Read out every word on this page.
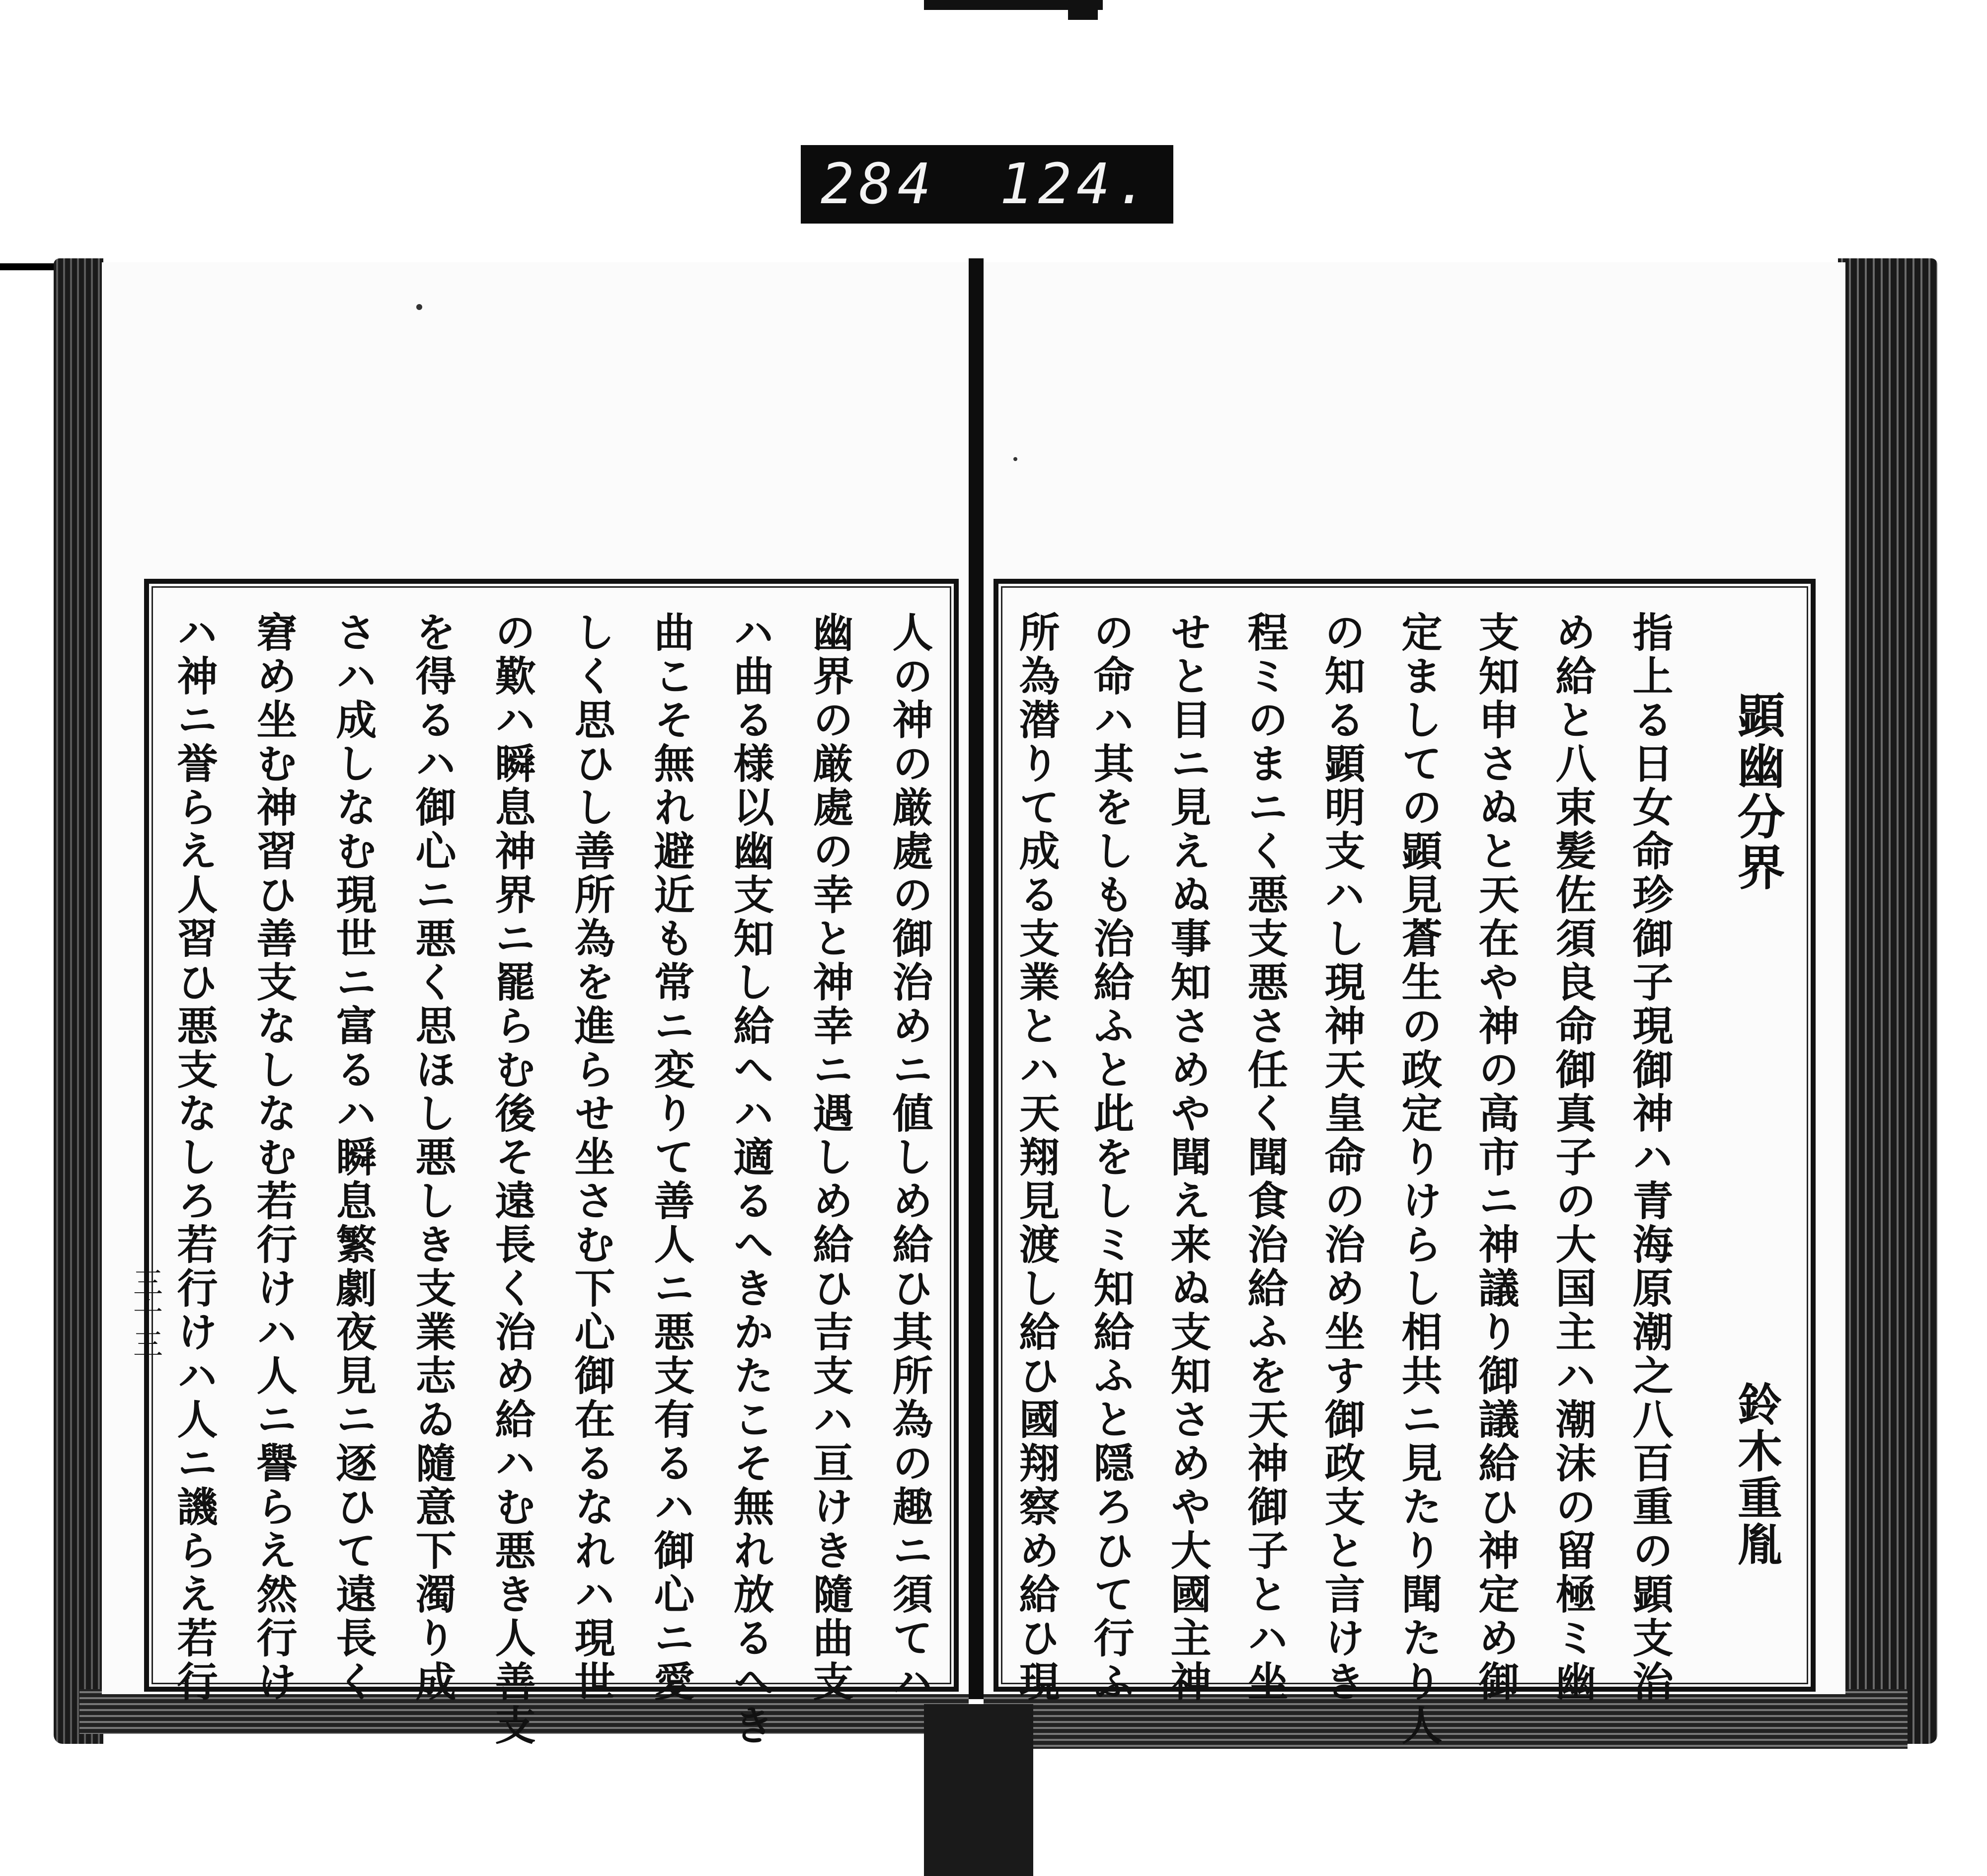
284 124.
顕幽分界
鈴木重胤
指上る日女命珍御子現御神ハ青海原潮之八百重の顕支治
め給と八束髪佐須良命御真子の大国主ハ潮沫の留極ミ幽
支知申さぬと天在や神の高市ニ神議り御議給ひ神定め御
定ましての顕見蒼生の政定りけらし相共ニ見たり聞たり人
の知る顕明支ハし現神天皇命の治め坐す御政支と言けき
程ミのまニく悪支悪さ任く聞食治給ふを天神御子とハ坐
せと目ニ見えぬ事知さめや聞え来ぬ支知さめや大國主神
の命ハ其をしも治給ふと此をしミ知給ふと隠ろひて行ふ
所為潜りて成る支業とハ天翔見渡し給ひ國翔察め給ひ現
人の神の厳處の御治めニ値しめ給ひ其所為の趣ニ須てハ
幽界の厳處の幸と神幸ニ遇しめ給ひ吉支ハ亘けき隨曲支
ハ曲る様以幽支知し給へハ適るへきかたこそ無れ放るへき
曲こそ無れ避近も常ニ変りて善人ニ悪支有るハ御心ニ愛
しく思ひし善所為を進らせ坐さむ下心御在るなれハ現世
の歎ハ瞬息神界ニ罷らむ後そ遠長く治め給ハむ悪き人善支
を得るハ御心ニ悪く思ほし悪しき支業志ゐ隨意下濁り成
さハ成しなむ現世ニ富るハ瞬息繁劇夜見ニ逐ひて遠長く
窘め坐む神習ひ善支なしなむ若行けハ人ニ譽らえ然行け
ハ神ニ誉らえ人習ひ悪支なしろ若行けハ人ニ譏らえ若行
三十三
